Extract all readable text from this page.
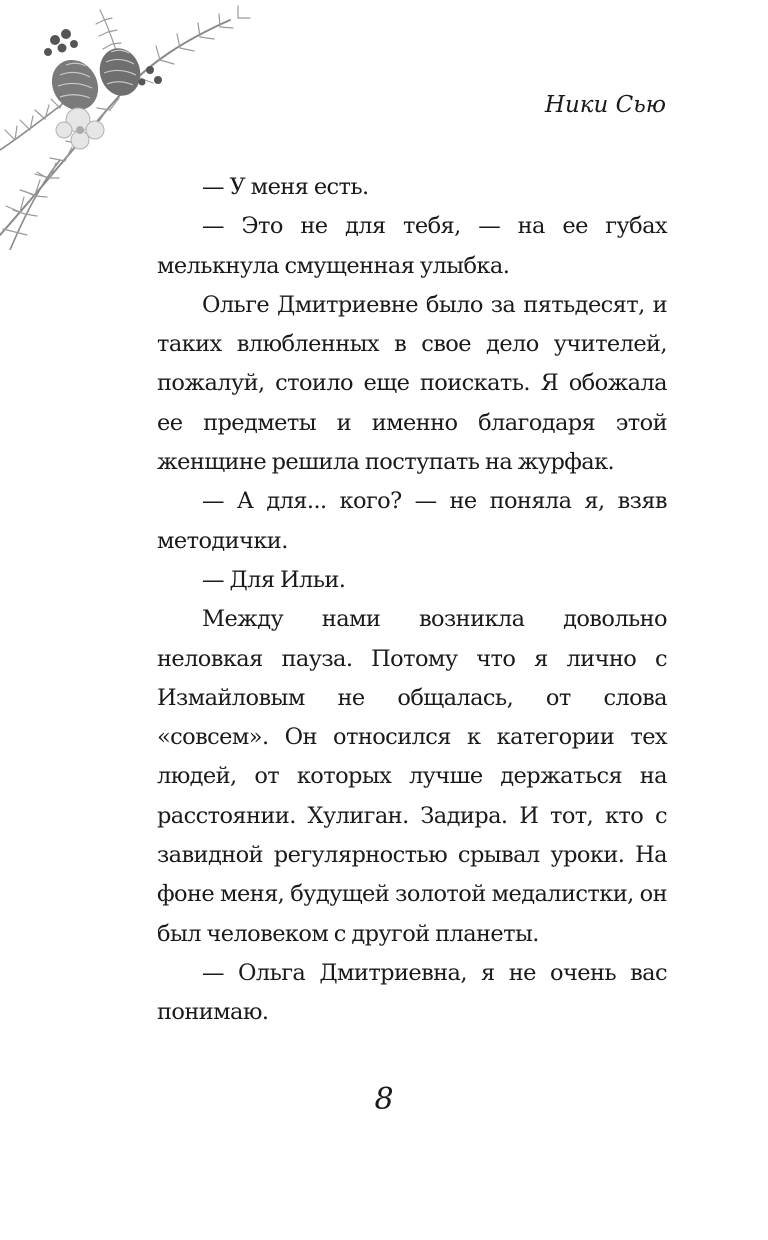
Ники Сью

— У меня есть.

— Это не для тебя, — на ее губах мелькнула смущенная улыбка.

Ольге Дмитриевне было за пятьдесят, и таких влюбленных в свое дело учителей, пожалуй, стоило еще поискать. Я обожала ее предметы и именно благодаря этой женщине решила поступать на журфак.

— А для... кого? — не поняла я, взяв методички.

— Для Ильи.

Между нами возникла довольно неловкая пауза. Потому что я лично с Измайловым не общалась, от слова «совсем». Он относился к категории тех людей, от которых лучше держаться на расстоянии. Хулиган. Задира. И тот, кто с завидной регулярностью срывал уроки. На фоне меня, будущей золотой медалистки, он был человеком с другой планеты.

— Ольга Дмитриевна, я не очень вас понимаю.

8
